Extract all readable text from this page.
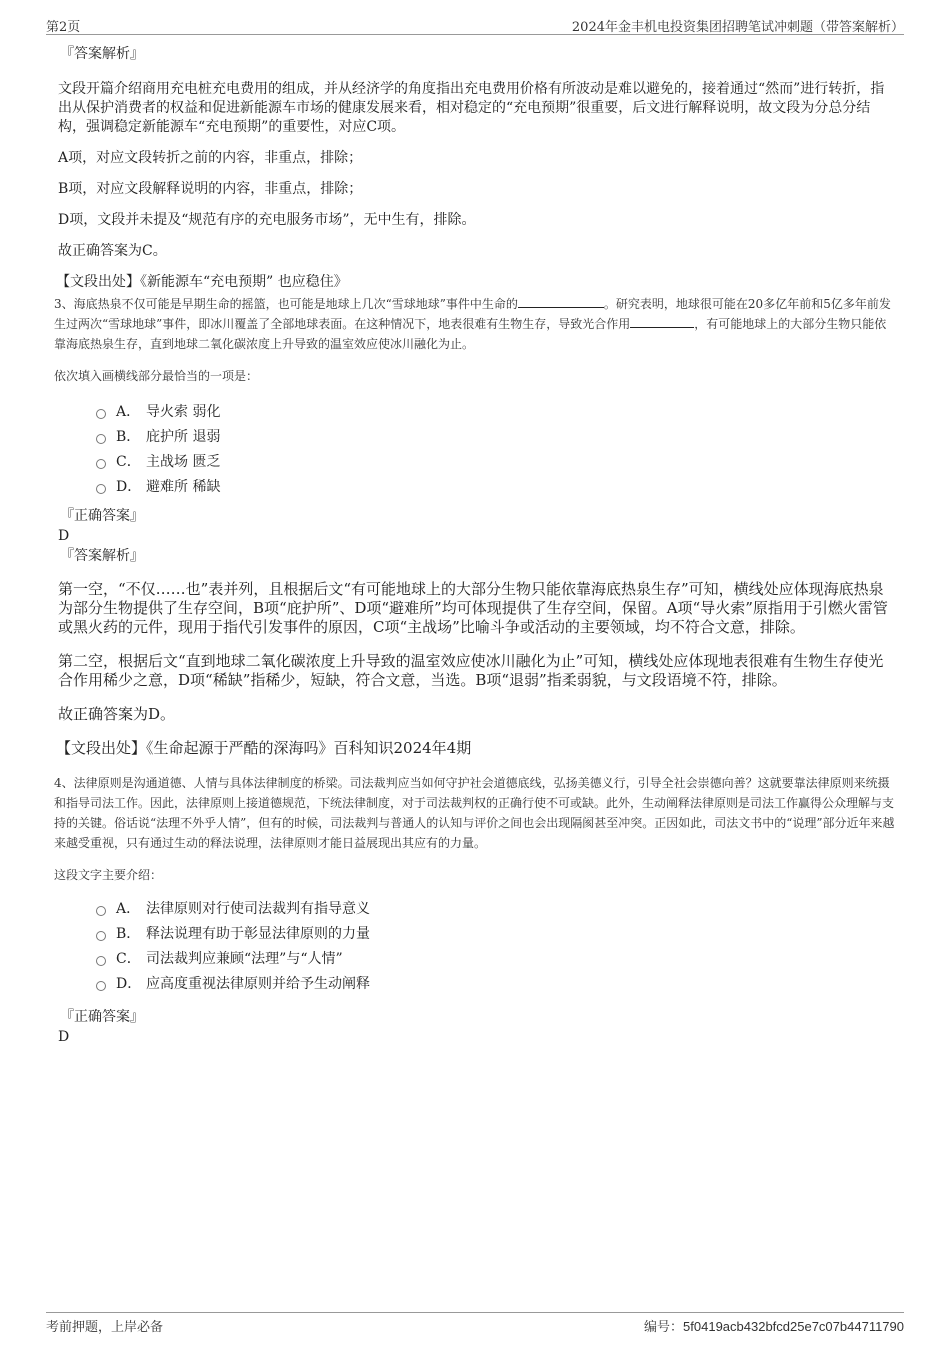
第2页	2024年金丰机电投资集团招聘笔试冲刺题（带答案解析）
『答案解析』

文段开篇介绍商用充电桩充电费用的组成，并从经济学的角度指出充电费用价格有所波动是难以避免的，接着通过“然而”进行转折，指出从保护消费者的权益和促进新能源车市场的健康发展来看，相对稳定的“充电预期”很重要，后文进行解释说明，故文段为分总分结构，强调稳定新能源车“充电预期”的重要性，对应C项。

A项，对应文段转折之前的内容，非重点，排除；

B项，对应文段解释说明的内容，非重点，排除；

D项，文段并未提及“规范有序的充电服务市场”，无中生有，排除。

故正确答案为C。

【文段出处】《新能源车“充电预期” 也应稳住》

3、海底热泉不仅可能是早期生命的摇篮，也可能是地球上几次“雪球地球”事件中生命的	。研究表明，地球很可能在20多亿年前和5亿多年前发生过两次“雪球地球”事件，即冰川覆盖了全部地球表面。在这种情况下，地表很难有生物生存，导致光合作用	，有可能地球上的大部分生物只能依靠海底热泉生存，直到地球二氧化碳浓度上升导致的温室效应使冰川融化为止。

依次填入画横线部分最恰当的一项是：

A． 导火索 弱化
B． 庇护所 退弱
C． 主战场 匮乏
D． 避难所 稀缺
『正确答案』
D
『答案解析』

第一空，“不仅……也”表并列，且根据后文“有可能地球上的大部分生物只能依靠海底热泉生存”可知，横线处应体现海底热泉为部分生物提供了生存空间，B项“庇护所”、D项“避难所”均可体现提供了生存空间，保留。A项“导火索”原指用于引燃火雷管或黑火药的元件，现用于指代引发事件的原因，C项“主战场”比喻斗争或活动的主要领域，均不符合文意，排除。

第二空，根据后文“直到地球二氧化碳浓度上升导致的温室效应使冰川融化为止”可知，横线处应体现地表很难有生物生存使光合作用稀少之意，D项“稀缺”指稀少，短缺，符合文意，当选。B项“退弱”指柔弱貌，与文段语境不符，排除。

故正确答案为D。

【文段出处】《生命起源于严酷的深海吗》百科知识2024年4期

4、法律原则是沟通道德、人情与具体法律制度的桥梁。司法裁判应当如何守护社会道德底线，弘扬美德义行，引导全社会崇德向善？这就要靠法律原则来统摄和指导司法工作。因此，法律原则上接道德规范，下统法律制度，对于司法裁判权的正确行使不可或缺。此外，生动阐释法律原则是司法工作赢得公众理解与支持的关键。俗话说“法理不外乎人情”，但有的时候，司法裁判与普通人的认知与评价之间也会出现隔阂甚至冲突。正因如此，司法文书中的“说理”部分近年来越来越受重视，只有通过生动的释法说理，法律原则才能日益展现出其应有的力量。

这段文字主要介绍：

A． 法律原则对行使司法裁判有指导意义
B． 释法说理有助于彰显法律原则的力量
C． 司法裁判应兼顾“法理”与“人情”
D． 应高度重视法律原则并给予生动阐释
『正确答案』
D
考前押题，上岸必备	编号：5f0419acb432bfcd25e7c07b44711790
